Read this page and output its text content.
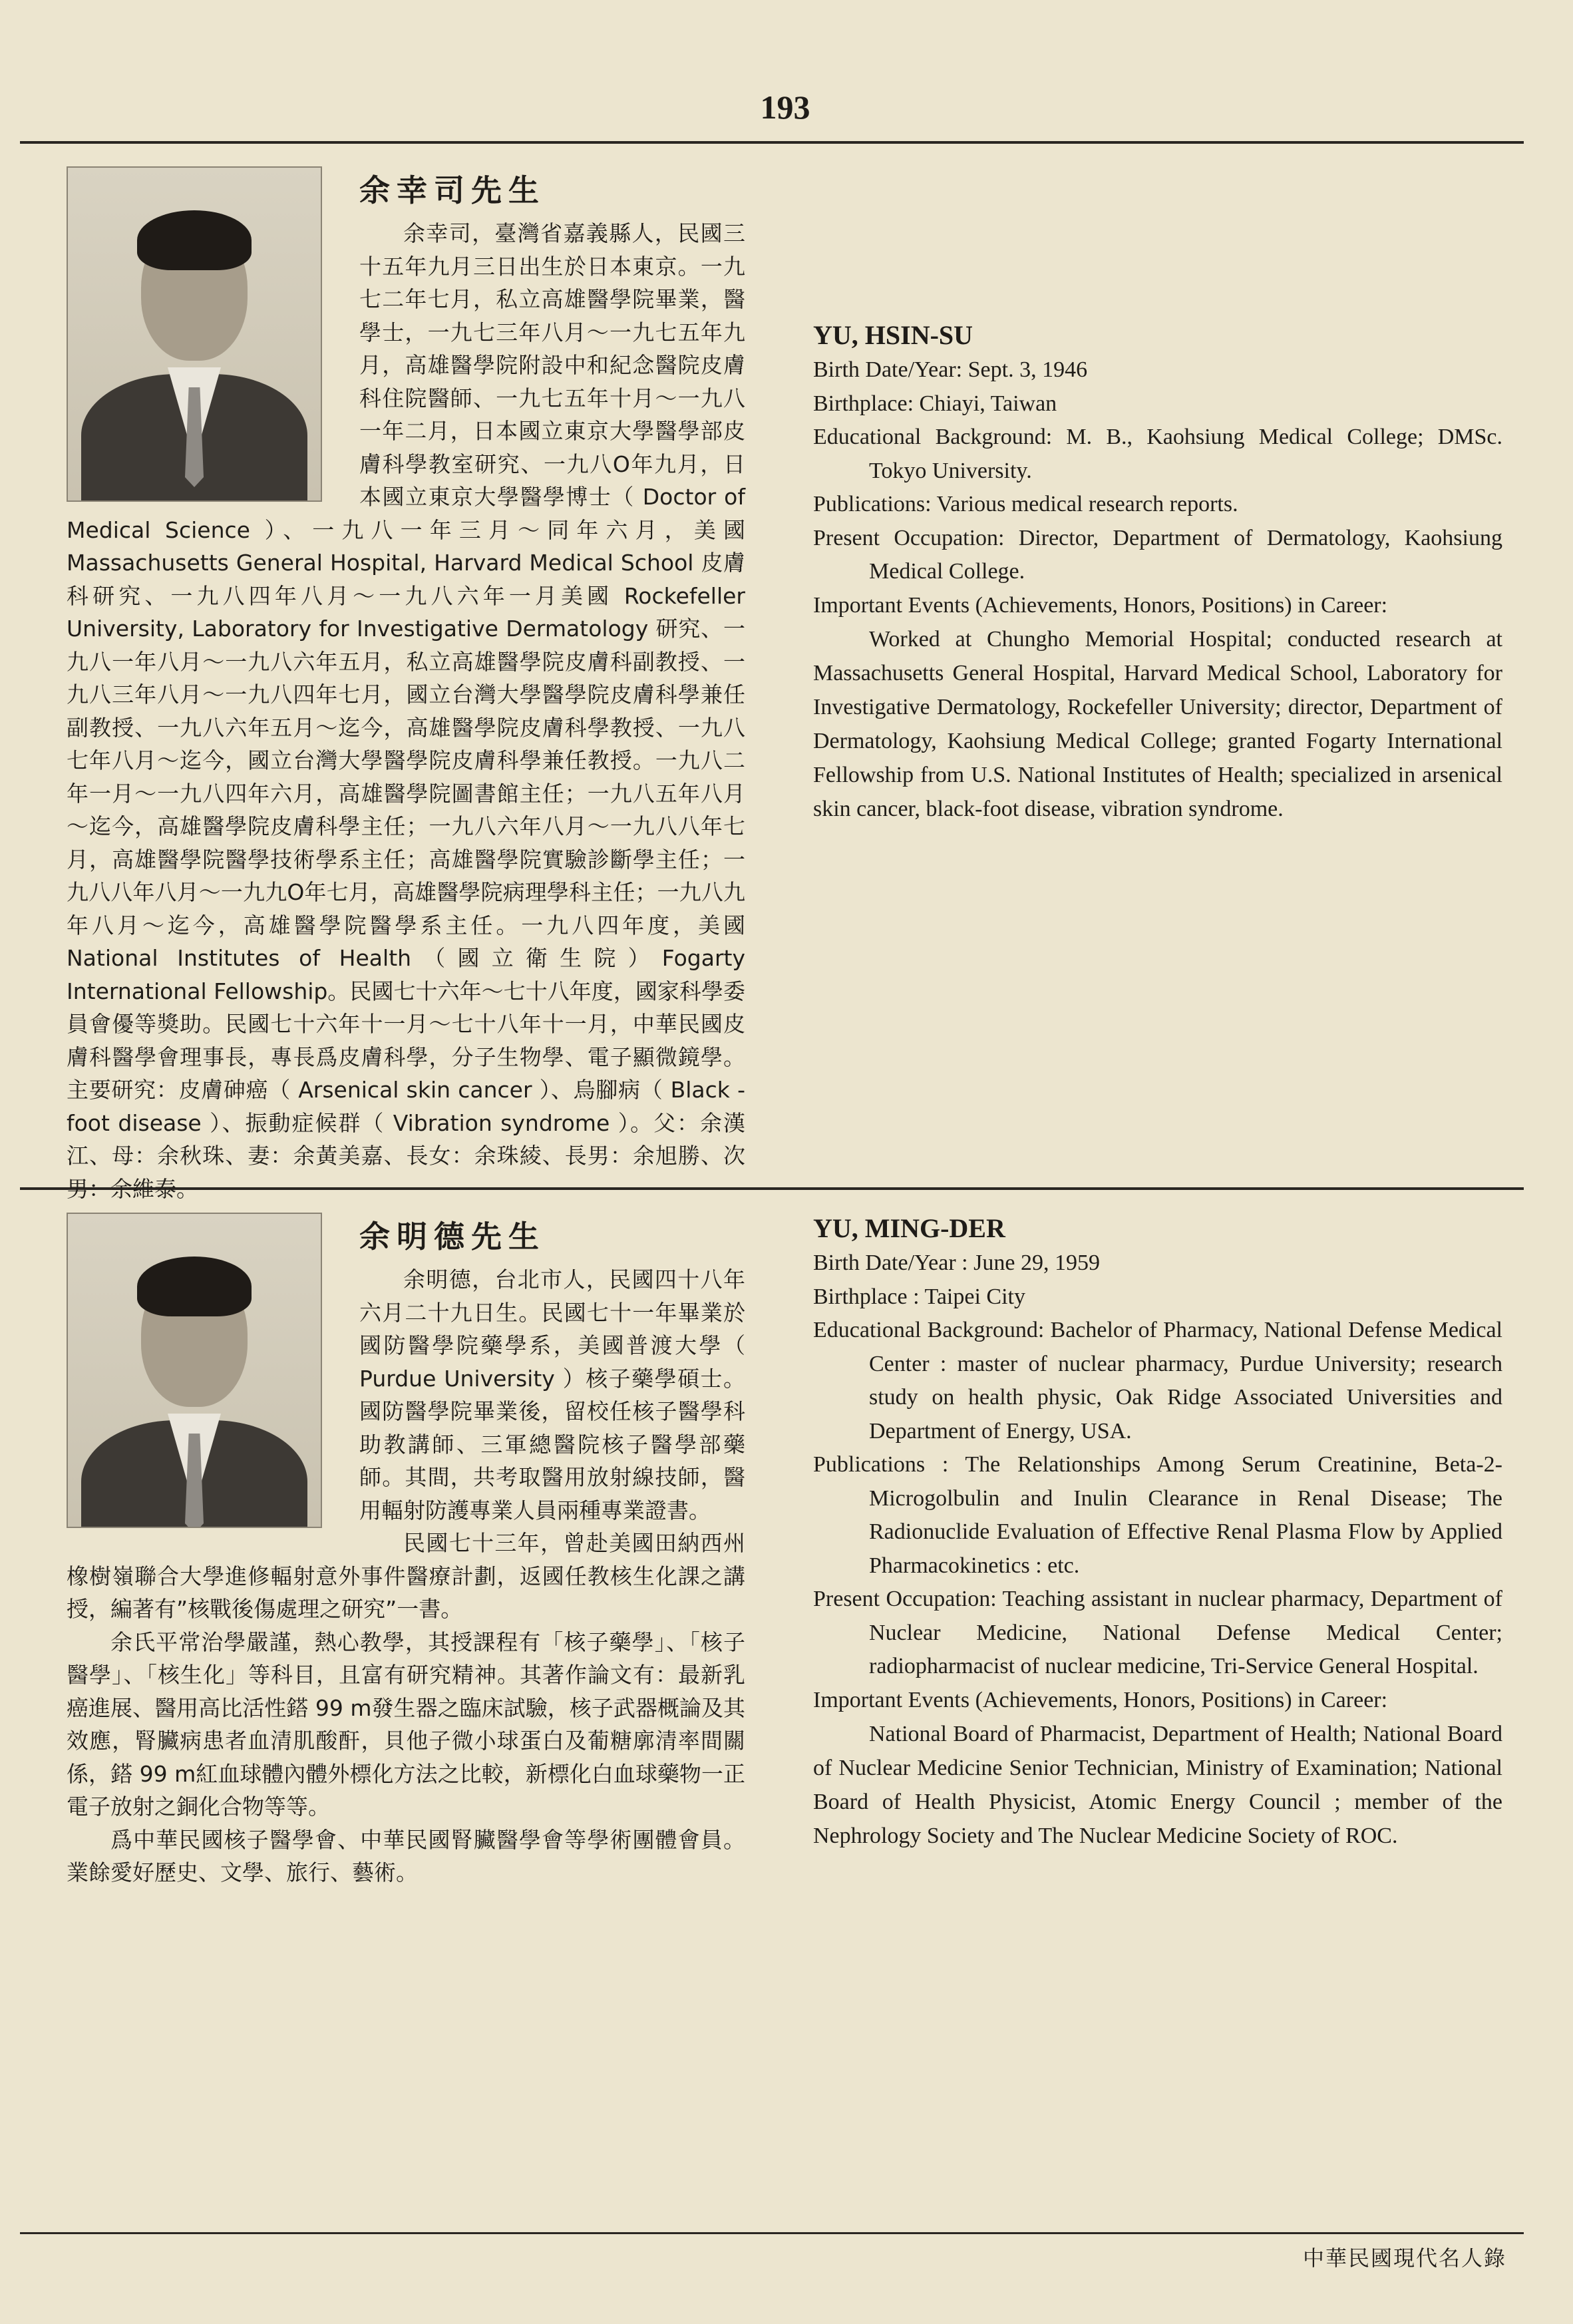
193
余幸司先生

余幸司，臺灣省嘉義縣人，民國三十五年九月三日出生於日本東京。一九七二年七月，私立高雄醫學院畢業，醫學士，一九七三年八月～一九七五年九月，高雄醫學院附設中和紀念醫院皮膚科住院醫師、一九七五年十月～一九八一年二月，日本國立東京大學醫學部皮膚科學教室研究、一九八O年九月，日本國立東京大學醫學博士（ Doctor of Medical Science ）、一九八一年三月～同年六月，美國 Massachusetts General Hospital, Harvard Medical School 皮膚科研究、一九八四年八月～一九八六年一月美國 Rockefeller University, Laboratory for Investigative Dermatology 研究、一九八一年八月～一九八六年五月，私立高雄醫學院皮膚科副教授、一九八三年八月～一九八四年七月，國立台灣大學醫學院皮膚科學兼任副教授、一九八六年五月～迄今，高雄醫學院皮膚科學教授、一九八七年八月～迄今，國立台灣大學醫學院皮膚科學兼任教授。一九八二年一月～一九八四年六月，高雄醫學院圖書館主任；一九八五年八月～迄今，高雄醫學院皮膚科學主任；一九八六年八月～一九八八年七月，高雄醫學院醫學技術學系主任；高雄醫學院實驗診斷學主任；一九八八年八月～一九九O年七月，高雄醫學院病理學科主任；一九八九年八月～迄今，高雄醫學院醫學系主任。一九八四年度，美國 National Institutes of Health（國立衛生院）Fogarty International Fellowship。民國七十六年～七十八年度，國家科學委員會優等獎助。民國七十六年十一月～七十八年十一月，中華民國皮膚科醫學會理事長，專長爲皮膚科學，分子生物學、電子顯微鏡學。主要研究：皮膚砷癌（ Arsenical skin cancer ）、烏腳病（ Black - foot disease ）、振動症候群（ Vibration syndrome ）。父：余漢江、母：余秋珠、妻：余黃美嘉、長女：余珠綾、長男：余旭勝、次男：余維泰。

YU, HSIN-SU

Birth Date/Year: Sept. 3, 1946

Birthplace: Chiayi, Taiwan

Educational Background: M. B., Kaohsiung Medical College; DMSc. Tokyo University.

Publications: Various medical research reports.

Present Occupation: Director, Department of Dermatology, Kaohsiung Medical College.

Important Events (Achievements, Honors, Positions) in Career:

Worked at Chungho Memorial Hospital; conducted research at Massachusetts General Hospital, Harvard Medical School, Laboratory for Investigative Dermatology, Rockefeller University; director, Department of Dermatology, Kaohsiung Medical College; granted Fogarty International Fellowship from U.S. National Institutes of Health; specialized in arsenical skin cancer, black-foot disease, vibration syndrome.

余明德先生

余明德，台北市人，民國四十八年六月二十九日生。民國七十一年畢業於國防醫學院藥學系，美國普渡大學（ Purdue University ）核子藥學碩士。國防醫學院畢業後，留校任核子醫學科助教講師、三軍總醫院核子醫學部藥師。其間，共考取醫用放射線技師，醫用輻射防護專業人員兩種專業證書。

民國七十三年，曾赴美國田納西州橡樹嶺聯合大學進修輻射意外事件醫療計劃，返國任教核生化課之講授，編著有”核戰後傷處理之研究”一書。

余氏平常治學嚴謹，熱心教學，其授課程有「核子藥學」、「核子醫學」、「核生化」等科目，且富有研究精神。其著作論文有：最新乳癌進展、醫用高比活性鎝 99 m發生器之臨床試驗，核子武器概論及其效應，腎臟病患者血清肌酸酐，貝他子微小球蛋白及葡糖廓清率間關係，鎝 99 m紅血球體內體外標化方法之比較，新標化白血球藥物一正電子放射之銅化合物等等。

爲中華民國核子醫學會、中華民國腎臟醫學會等學術團體會員。業餘愛好歷史、文學、旅行、藝術。

YU, MING-DER

Birth Date/Year : June 29, 1959

Birthplace : Taipei City

Educational Background: Bachelor of Pharmacy, National Defense Medical Center : master of nuclear pharmacy, Purdue University; research study on health physic, Oak Ridge Associated Universities and Department of Energy, USA.

Publications : The Relationships Among Serum Creatinine, Beta-2- Microgolbulin and Inulin Clearance in Renal Disease; The Radionuclide Evaluation of Effective Renal Plasma Flow by Applied Pharmacokinetics : etc.

Present Occupation: Teaching assistant in nuclear pharmacy, Department of Nuclear Medicine, National Defense Medical Center; radiopharmacist of nuclear medicine, Tri-Service General Hospital.

Important Events (Achievements, Honors, Positions) in Career:

National Board of Pharmacist, Department of Health; National Board of Nuclear Medicine Senior Technician, Ministry of Examination; National Board of Health Physicist, Atomic Energy Council ; member of the Nephrology Society and The Nuclear Medicine Society of ROC.

中華民國現代名人錄
